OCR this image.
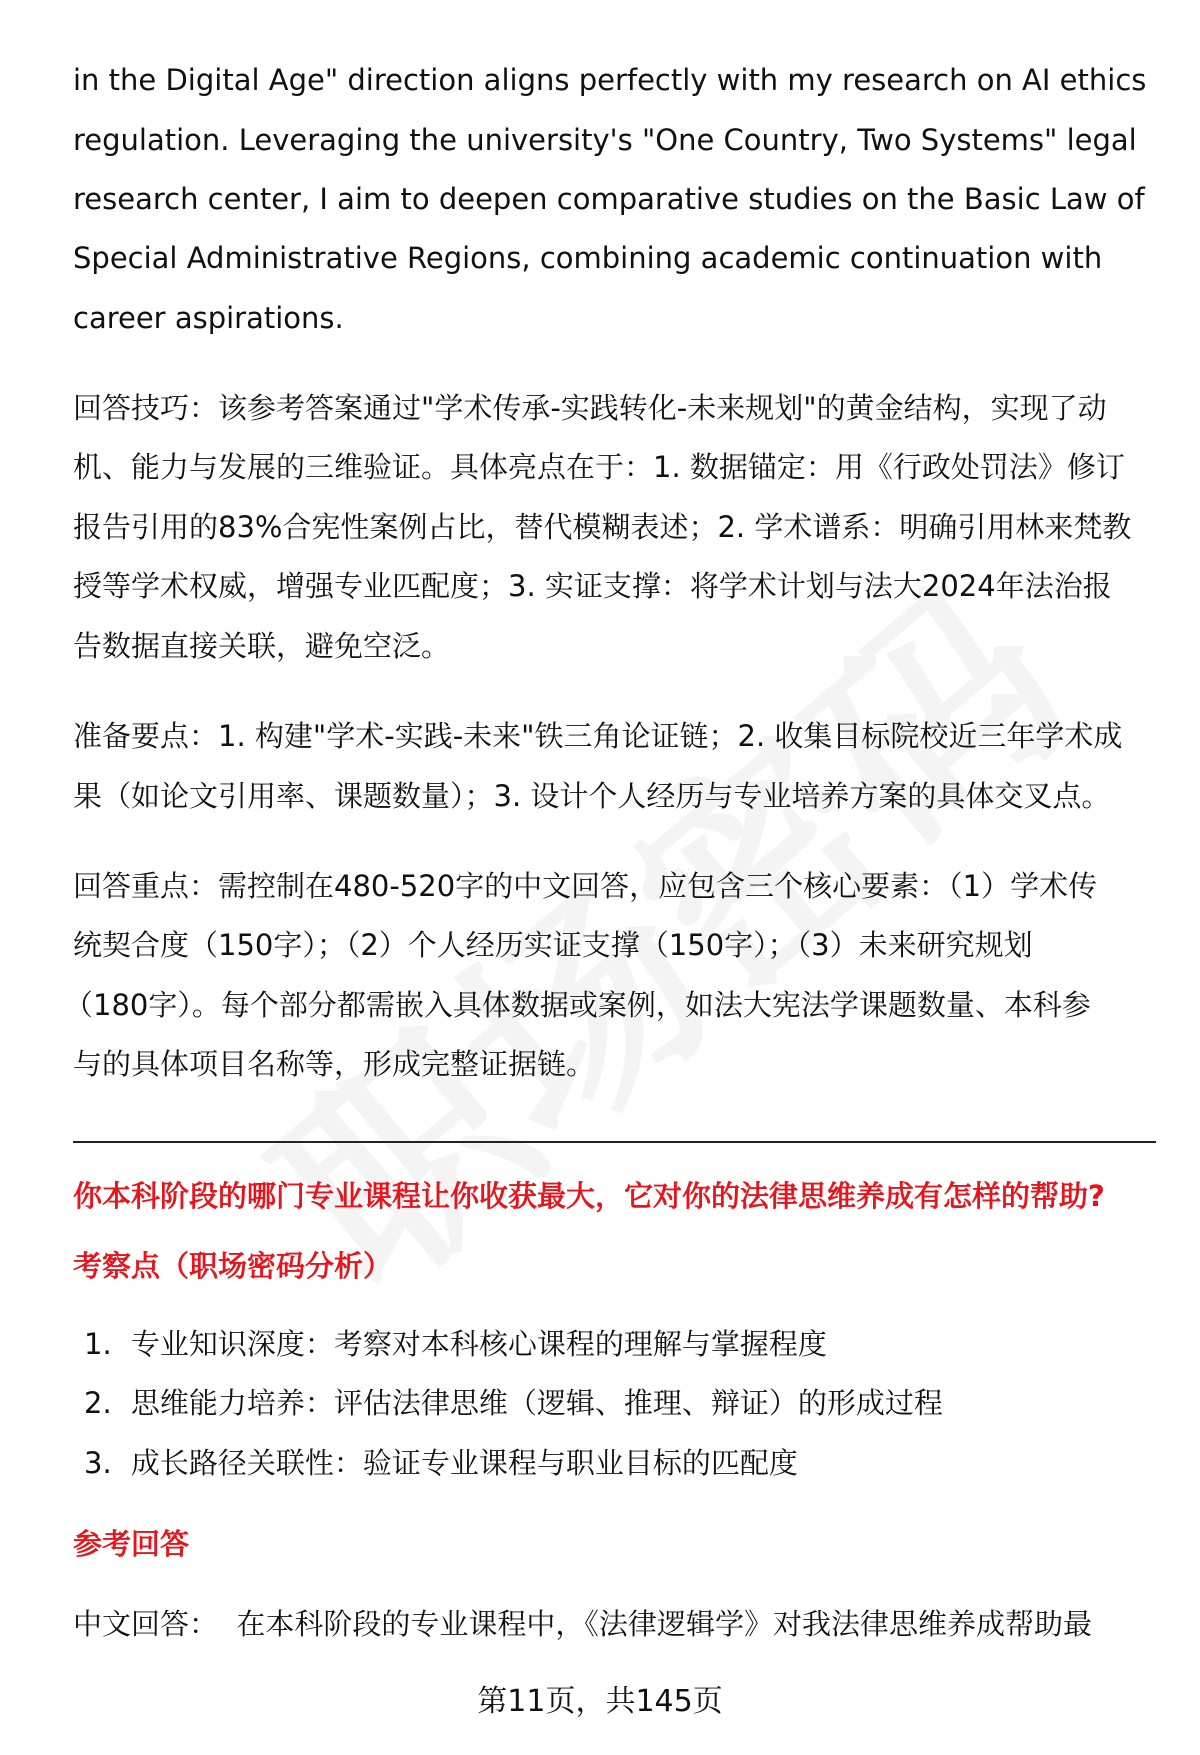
in the Digital Age" direction aligns perfectly with my research on AI ethics
regulation. Leveraging the university's "One Country, Two Systems" legal
research center, I aim to deepen comparative studies on the Basic Law of
Special Administrative Regions, combining academic continuation with
career aspirations.
回答技巧：该参考答案通过"学术传承-实践转化-未来规划"的黄金结构，实现了动
机、能力与发展的三维验证。具体亮点在于：1. 数据锚定：用《行政处罚法》修订
报告引用的83%合宪性案例占比，替代模糊表述；2. 学术谱系：明确引用林来梵教
授等学术权威，增强专业匹配度；3. 实证支撑：将学术计划与法大2024年法治报
告数据直接关联，避免空泛。
准备要点：1. 构建"学术-实践-未来"铁三角论证链；2. 收集目标院校近三年学术成
果（如论文引用率、课题数量）；3. 设计个人经历与专业培养方案的具体交叉点。
回答重点：需控制在480-520字的中文回答，应包含三个核心要素：（1）学术传
统契合度（150字）；（2）个人经历实证支撑（150字）；（3）未来研究规划
（180字）。每个部分都需嵌入具体数据或案例，如法大宪法学课题数量、本科参
与的具体项目名称等，形成完整证据链。
你本科阶段的哪门专业课程让你收获最大，它对你的法律思维养成有怎样的帮助?
考察点（职场密码分析）
1. 专业知识深度：考察对本科核心课程的理解与掌握程度
2. 思维能力培养：评估法律思维（逻辑、推理、辩证）的形成过程
3. 成长路径关联性：验证专业课程与职业目标的匹配度
参考回答
中文回答：  在本科阶段的专业课程中，《法律逻辑学》对我法律思维养成帮助最
第11页，共145页
